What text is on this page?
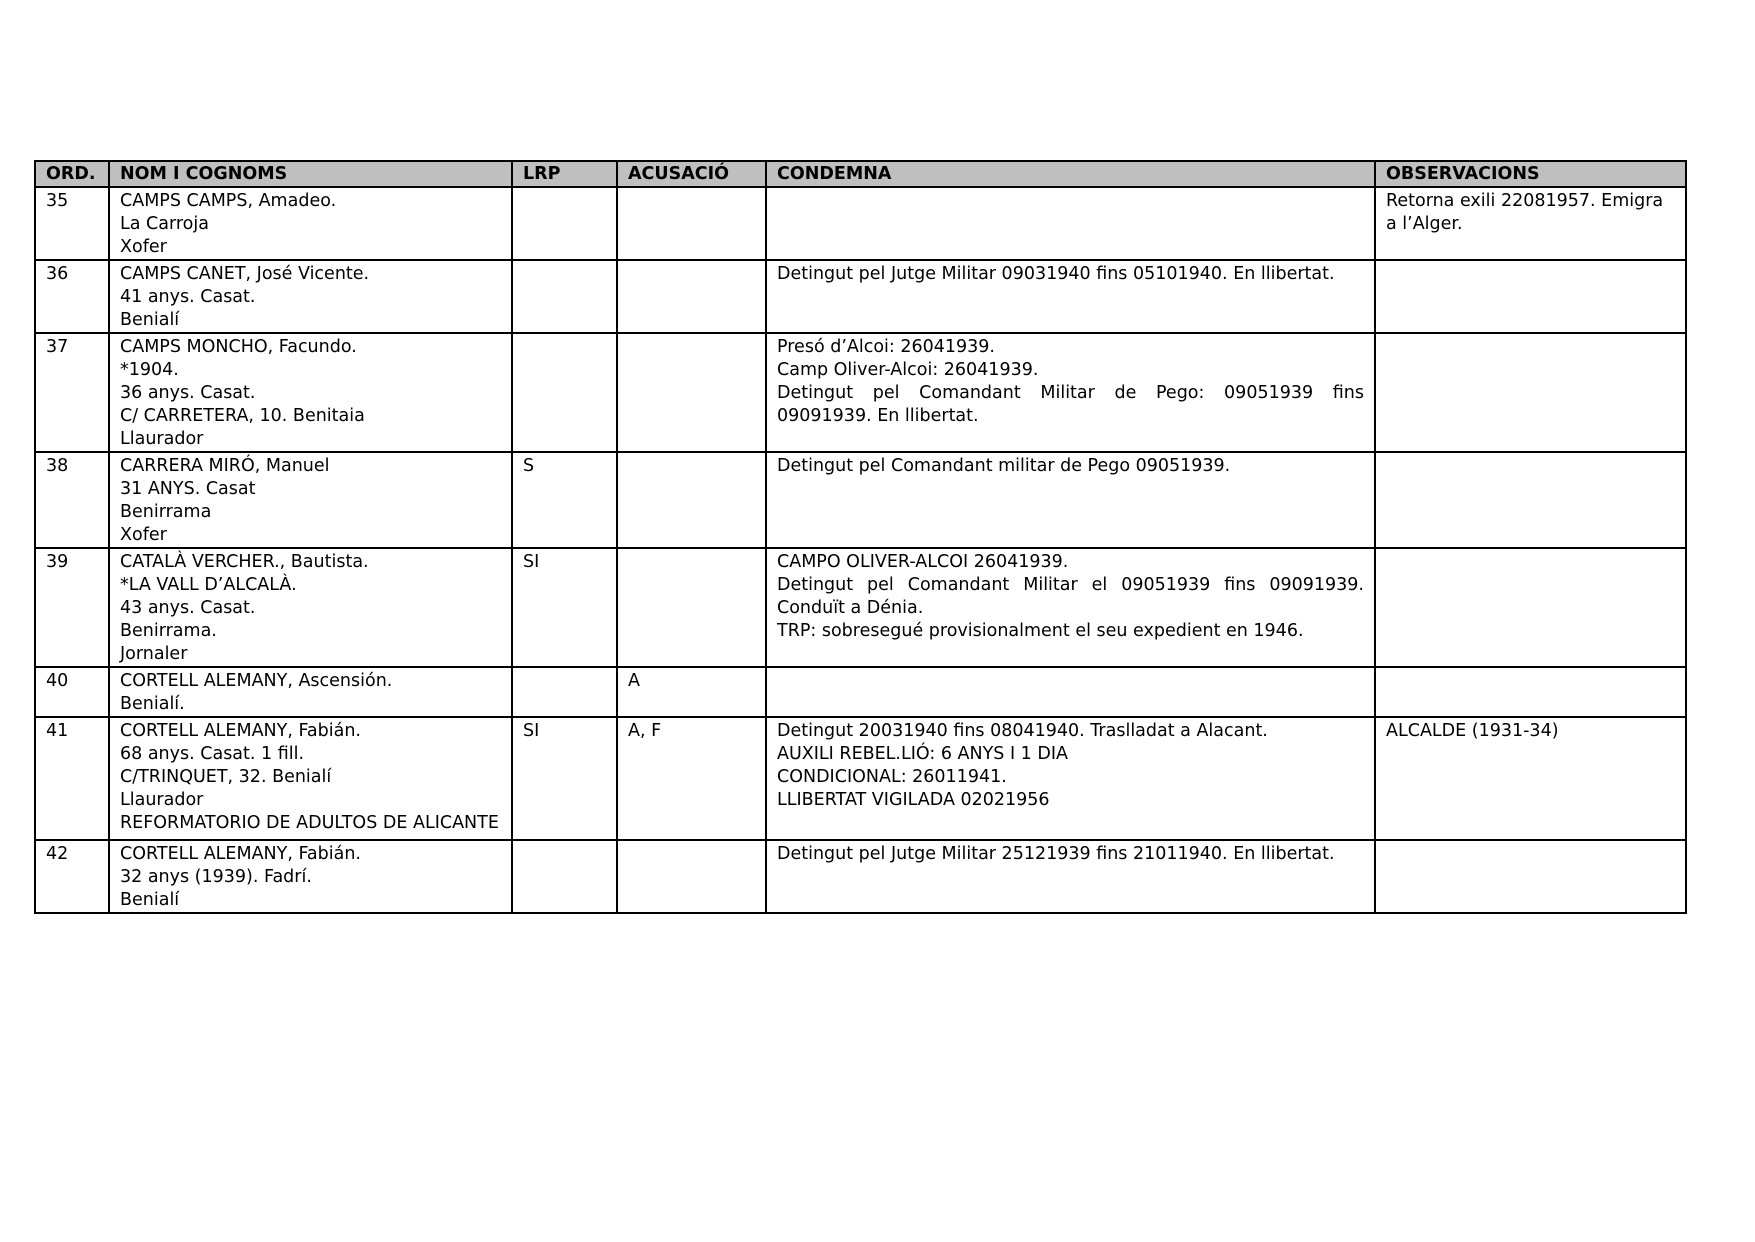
ORD.	NOM I COGNOMS	LRP	ACUSACIÓ	CONDEMNA	OBSERVACIONS
35	CAMPS CAMPS, Amadeo.
La Carroja
Xofer				Retorna exili 22081957. Emigra a l’Alger.

36	CAMPS CANET, José Vicente.
41 anys. Casat.
Benialí			Detingut pel Jutge Militar 09031940 fins 05101940. En llibertat.	

37	CAMPS MONCHO, Facundo.
*1904.
36 anys. Casat.
C/ CARRETERA, 10. Benitaia
Llaurador			Presó d’Alcoi: 26041939.
Camp Oliver-Alcoi: 26041939.
Detingut pel Comandant Militar de Pego: 09051939 fins 09091939. En llibertat.	

38	CARRERA MIRÓ, Manuel
31 ANYS. Casat
Benirrama
Xofer	S		Detingut pel Comandant militar de Pego 09051939.	

39	CATALÀ VERCHER., Bautista.
*LA VALL D’ALCALÀ.
43 anys. Casat.
Benirrama.
Jornaler	SI		CAMPO OLIVER-ALCOI 26041939.
Detingut pel Comandant Militar el 09051939 fins 09091939. Conduït a Dénia.
TRP: sobresegué provisionalment el seu expedient en 1946.	

40	CORTELL ALEMANY, Ascensión.
Benialí.		A		
41	CORTELL ALEMANY, Fabián.
68 anys. Casat. 1 fill.
C/TRINQUET, 32. Benialí
Llaurador
REFORMATORIO DE ADULTOS DE ALICANTE	SI	A, F	Detingut 20031940 fins 08041940. Traslladat a Alacant.
AUXILI REBEL.LIÓ: 6 ANYS I 1 DIA
CONDICIONAL: 26011941.
LLIBERTAT VIGILADA 02021956	ALCALDE (1931-34)

42	CORTELL ALEMANY, Fabián.
32 anys (1939). Fadrí.
Benialí			Detingut pel Jutge Militar 25121939 fins 21011940. En llibertat.	
